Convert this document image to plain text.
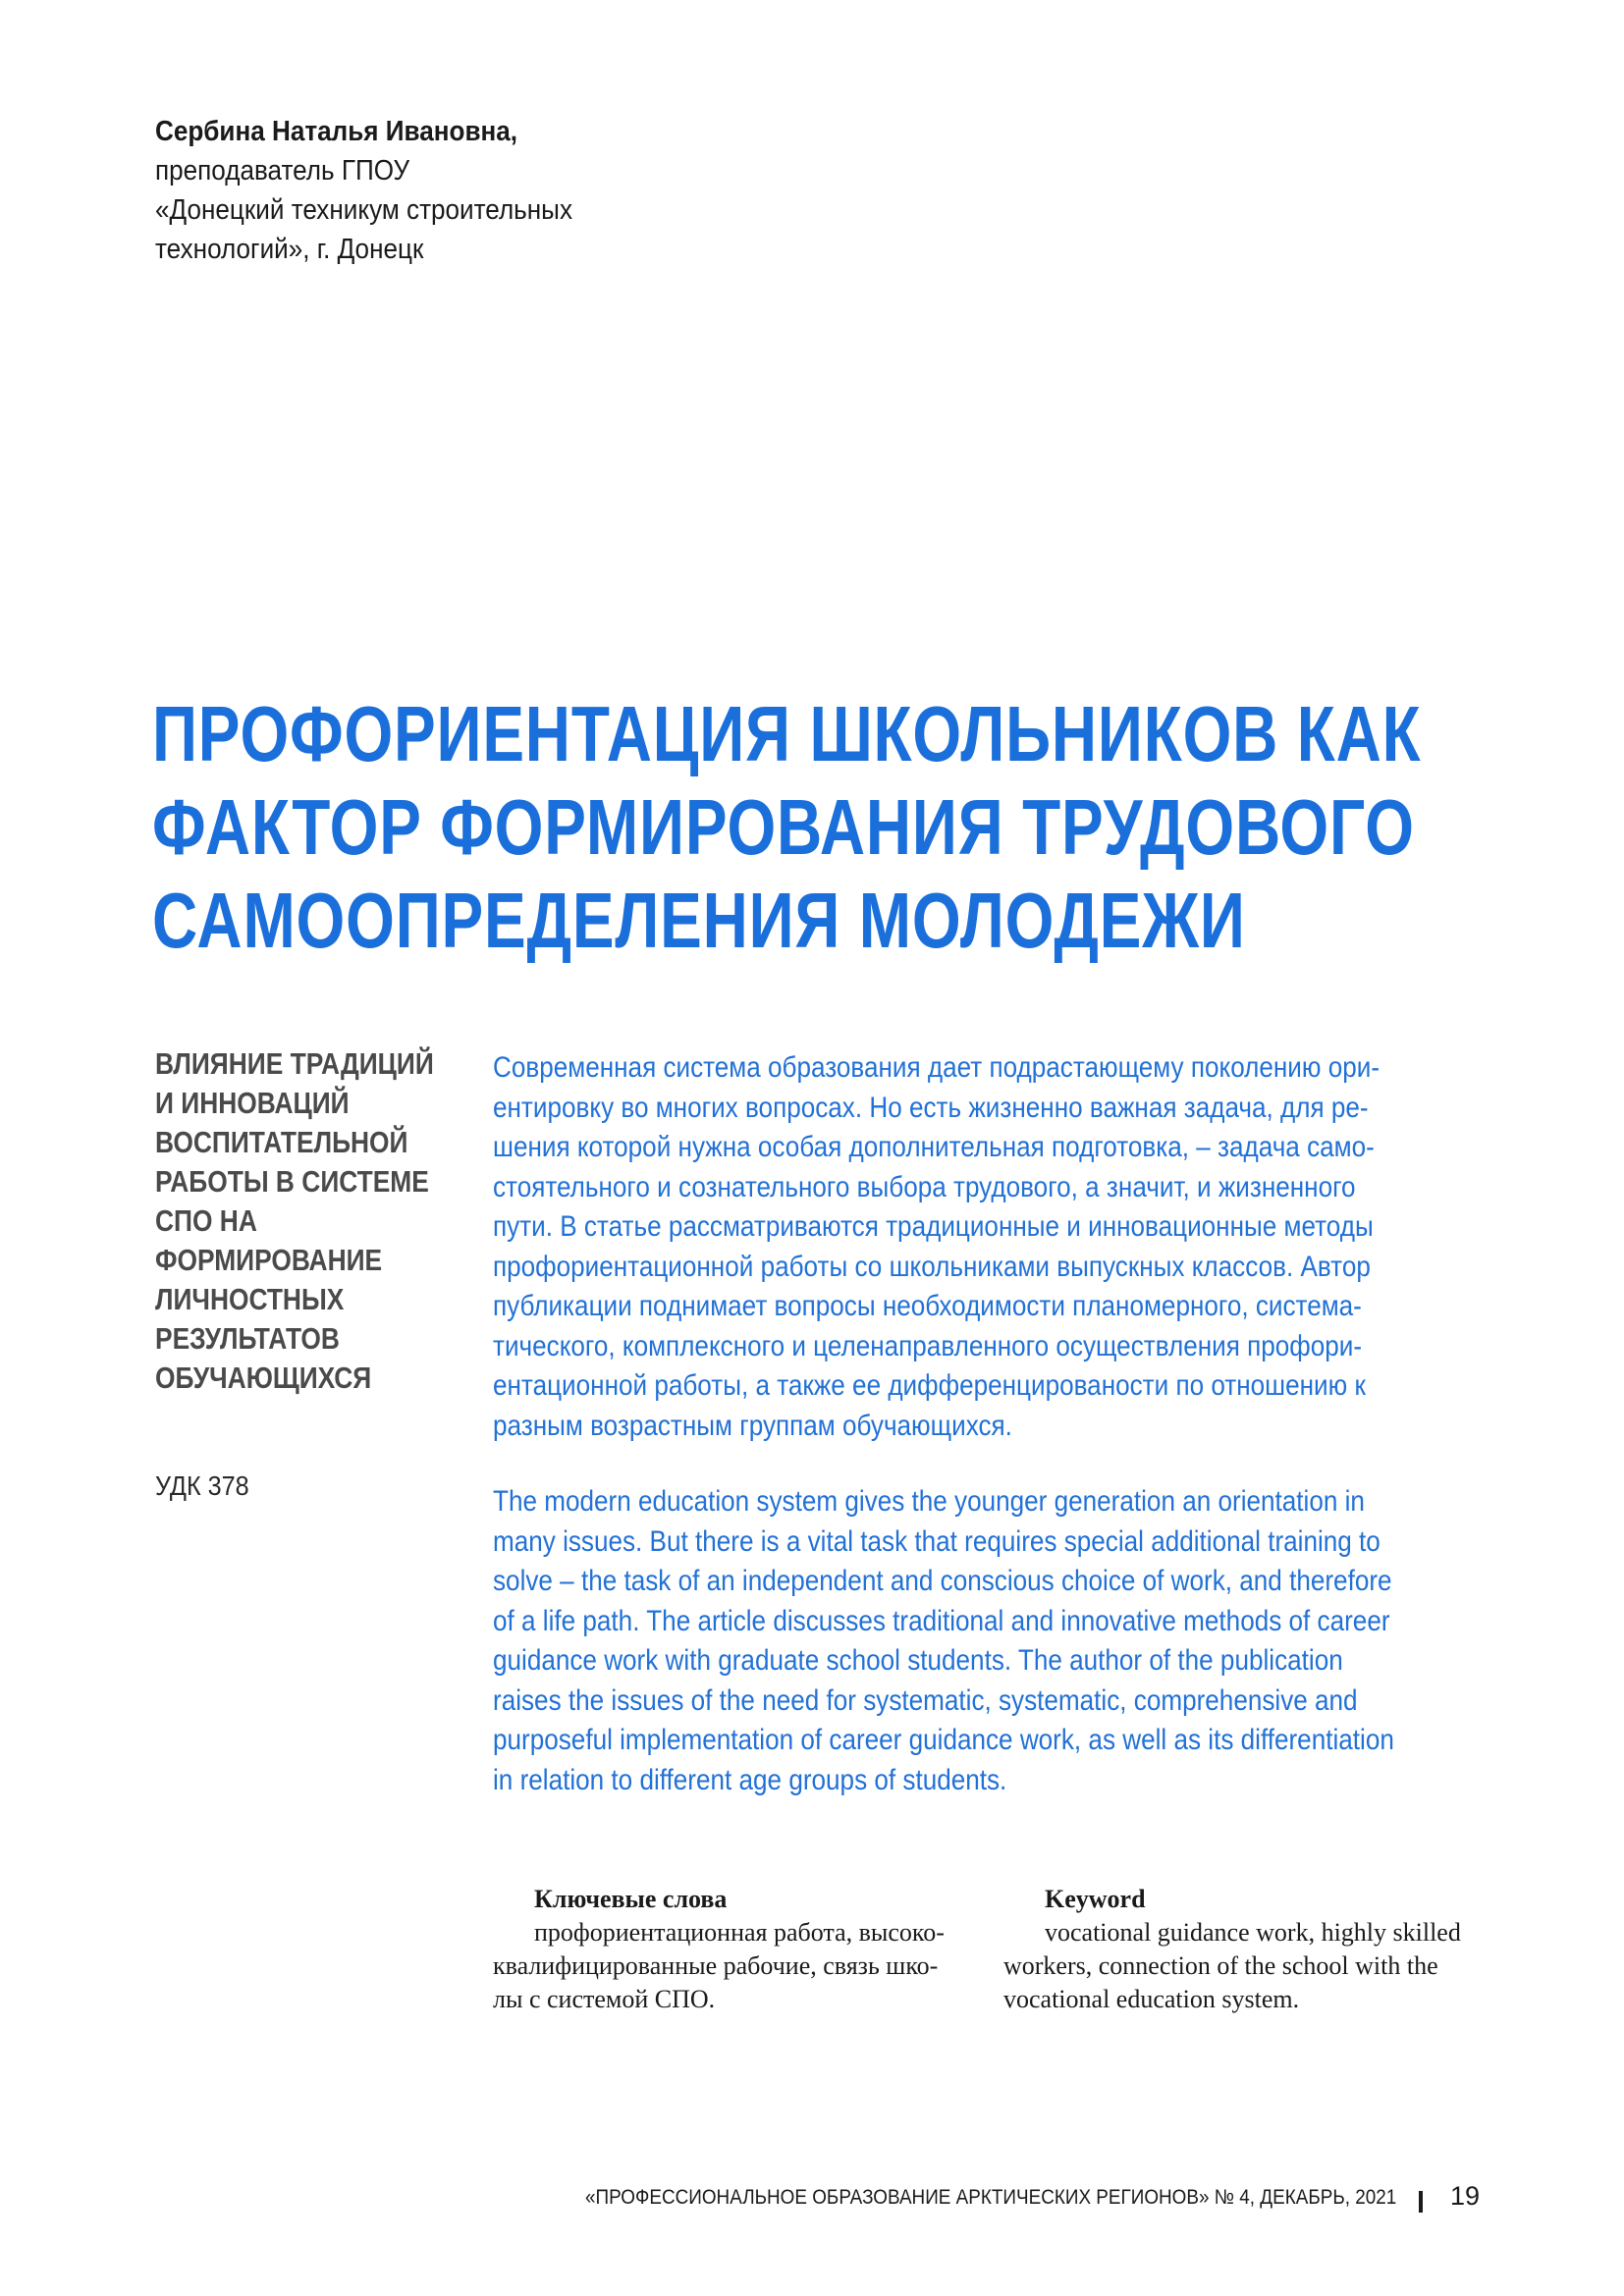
Сербина Наталья Ивановна,
преподаватель ГПОУ
«Донецкий техникум строительных
технологий», г. Донецк
ПРОФОРИЕНТАЦИЯ ШКОЛЬНИКОВ КАК
ФАКТОР ФОРМИРОВАНИЯ ТРУДОВОГО
САМООПРЕДЕЛЕНИЯ МОЛОДЕЖИ
ВЛИЯНИЕ ТРАДИЦИЙ
И ИННОВАЦИЙ
ВОСПИТАТЕЛЬНОЙ
РАБОТЫ В СИСТЕМЕ
СПО НА
ФОРМИРОВАНИЕ
ЛИЧНОСТНЫХ
РЕЗУЛЬТАТОВ
ОБУЧАЮЩИХСЯ
УДК 378
Современная система образования дает подрастающему поколению ори-
ентировку во многих вопросах. Но есть жизненно важная задача, для ре-
шения которой нужна особая дополнительная подготовка, – задача само-
стоятельного и сознательного выбора трудового, а значит, и жизненного
пути. В статье рассматриваются традиционные и инновационные методы
профориентационной работы со школьниками выпускных классов. Автор
публикации поднимает вопросы необходимости планомерного, система-
тического, комплексного и целенаправленного осуществления профори-
ентационной работы, а также ее дифференцированости по отношению к
разным возрастным группам обучающихся.
The modern education system gives the younger generation an orientation in
many issues. But there is a vital task that requires special additional training to
solve – the task of an independent and conscious choice of work, and therefore
of a life path. The article discusses traditional and innovative methods of career
guidance work with graduate school students. The author of the publication
raises the issues of the need for systematic, systematic, comprehensive and
purposeful implementation of career guidance work, as well as its differentiation
in relation to different age groups of students.
Ключевые слова
профориентационная работа, высоко-
квалифицированные рабочие, связь шко-
лы с системой СПО.
Keyword
vocational guidance work, highly skilled
workers, connection of the school with the
vocational education system.
«ПРОФЕССИОНАЛЬНОЕ ОБРАЗОВАНИЕ АРКТИЧЕСКИХ РЕГИОНОВ» № 4, ДЕКАБРЬ, 2021 19
